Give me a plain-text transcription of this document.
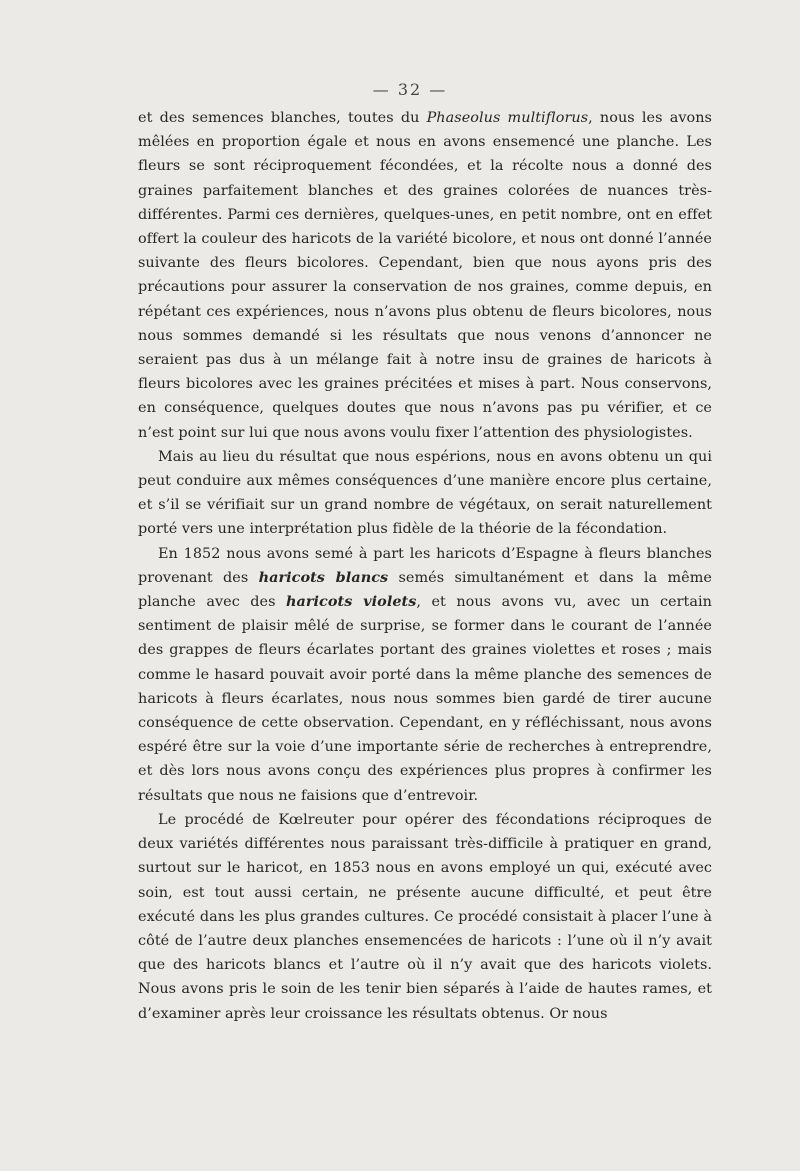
— 32 —

et des semences blanches, toutes du Phaseolus multiflorus, nous les avons mêlées en proportion égale et nous en avons ensemencé une planche. Les fleurs se sont réciproquement fécondées, et la récolte nous a donné des graines parfaitement blanches et des graines colorées de nuances très-différentes. Parmi ces dernières, quelques-unes, en petit nombre, ont en effet offert la couleur des haricots de la variété bicolore, et nous ont donné l’année suivante des fleurs bicolores. Cependant, bien que nous ayons pris des précautions pour assurer la conservation de nos graines, comme depuis, en répétant ces expériences, nous n’avons plus obtenu de fleurs bicolores, nous nous sommes demandé si les résultats que nous venons d’annoncer ne seraient pas dus à un mélange fait à notre insu de graines de haricots à fleurs bicolores avec les graines précitées et mises à part. Nous conservons, en conséquence, quelques doutes que nous n’avons pas pu vérifier, et ce n’est point sur lui que nous avons voulu fixer l’attention des physiologistes.

Mais au lieu du résultat que nous espérions, nous en avons obtenu un qui peut conduire aux mêmes conséquences d’une manière encore plus certaine, et s’il se vérifiait sur un grand nombre de végétaux, on serait naturellement porté vers une interprétation plus fidèle de la théorie de la fécondation.

En 1852 nous avons semé à part les haricots d’Espagne à fleurs blanches provenant des haricots blancs semés simultanément et dans la même planche avec des haricots violets, et nous avons vu, avec un certain sentiment de plaisir mêlé de surprise, se former dans le courant de l’année des grappes de fleurs écarlates portant des graines violettes et roses ; mais comme le hasard pouvait avoir porté dans la même planche des semences de haricots à fleurs écarlates, nous nous sommes bien gardé de tirer aucune conséquence de cette observation. Cependant, en y réfléchissant, nous avons espéré être sur la voie d’une importante série de recherches à entreprendre, et dès lors nous avons conçu des expériences plus propres à confirmer les résultats que nous ne faisions que d’entrevoir.

Le procédé de Kœlreuter pour opérer des fécondations réciproques de deux variétés différentes nous paraissant très-difficile à pratiquer en grand, surtout sur le haricot, en 1853 nous en avons employé un qui, exécuté avec soin, est tout aussi certain, ne présente aucune difficulté, et peut être exécuté dans les plus grandes cultures. Ce procédé consistait à placer l’une à côté de l’autre deux planches ensemencées de haricots : l’une où il n’y avait que des haricots blancs et l’autre où il n’y avait que des haricots violets. Nous avons pris le soin de les tenir bien séparés à l’aide de hautes rames, et d’examiner après leur croissance les résultats obtenus. Or nous
